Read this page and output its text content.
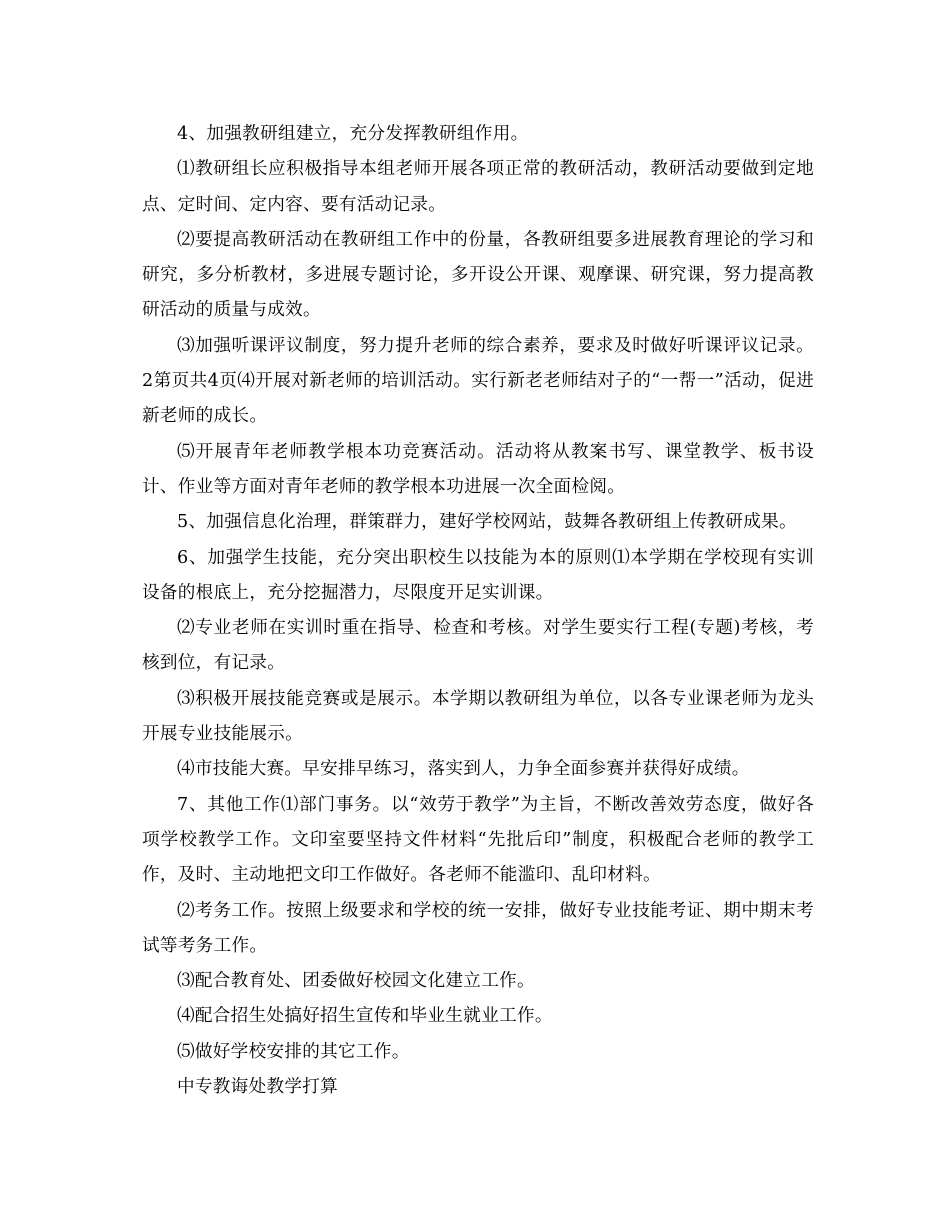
4、加强教研组建立，充分发挥教研组作用。

⑴教研组长应积极指导本组老师开展各项正常的教研活动，教研活动要做到定地点、定时间、定内容、要有活动记录。

⑵要提高教研活动在教研组工作中的份量，各教研组要多进展教育理论的学习和研究，多分析教材，多进展专题讨论，多开设公开课、观摩课、研究课，努力提高教研活动的质量与成效。

⑶加强听课评议制度，努力提升老师的综合素养，要求及时做好听课评议记录。2第页共4页⑷开展对新老师的培训活动。实行新老老师结对子的“一帮一”活动，促进新老师的成长。

⑸开展青年老师教学根本功竞赛活动。活动将从教案书写、课堂教学、板书设计、作业等方面对青年老师的教学根本功进展一次全面检阅。

5、加强信息化治理，群策群力，建好学校网站，鼓舞各教研组上传教研成果。

6、加强学生技能，充分突出职校生以技能为本的原则⑴本学期在学校现有实训设备的根底上，充分挖掘潜力，尽限度开足实训课。

⑵专业老师在实训时重在指导、检查和考核。对学生要实行工程(专题)考核，考核到位，有记录。

⑶积极开展技能竞赛或是展示。本学期以教研组为单位，以各专业课老师为龙头开展专业技能展示。

⑷市技能大赛。早安排早练习，落实到人，力争全面参赛并获得好成绩。

7、其他工作⑴部门事务。以“效劳于教学”为主旨，不断改善效劳态度，做好各项学校教学工作。文印室要坚持文件材料“先批后印”制度，积极配合老师的教学工作，及时、主动地把文印工作做好。各老师不能滥印、乱印材料。

⑵考务工作。按照上级要求和学校的统一安排，做好专业技能考证、期中期末考试等考务工作。

⑶配合教育处、团委做好校园文化建立工作。

⑷配合招生处搞好招生宣传和毕业生就业工作。

⑸做好学校安排的其它工作。

中专教诲处教学打算
